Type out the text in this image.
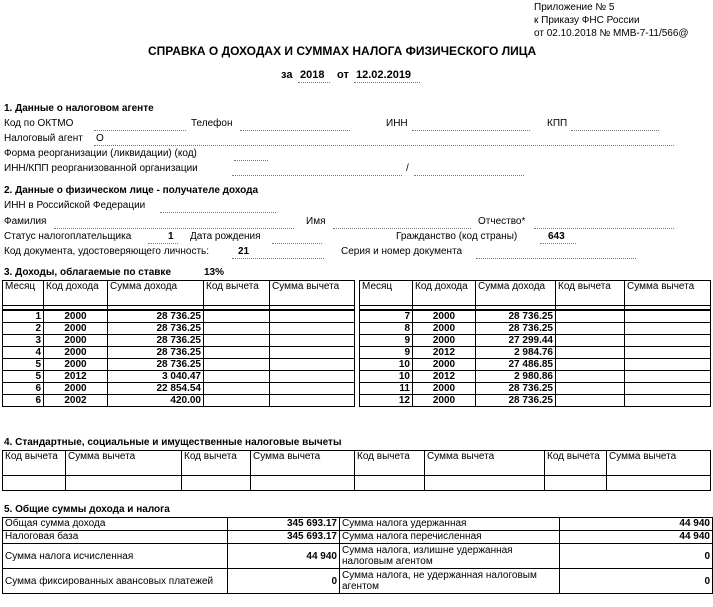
Приложение № 5
к Приказу ФНС России
от 02.10.2018 № ММВ-7-11/566@
СПРАВКА О ДОХОДАХ И СУММАХ НАЛОГА ФИЗИЧЕСКОГО ЛИЦА
за 2018 от 12.02.2019
1. Данные о налоговом агенте
Код по ОКТМО	Телефон	ИНН	КПП
Налоговый агент О
Форма реорганизации (ликвидации) (код)
ИНН/КПП реорганизованной организации	/
2. Данные о физическом лице - получателе дохода
ИНН в Российской Федерации
Фамилия	Имя	Отчество*
Статус налогоплательщика	1 Дата рождения	Гражданство (код страны)	643
Код документа, удостоверяющего личность:	21	Серия и номер документа
3. Доходы, облагаемые по ставке	13%
Месяц	Код дохода	Сумма дохода	Код вычета	Сумма вычета		Месяц	Код дохода	Сумма дохода	Код вычета	Сумма вычета

1	2000	28 736.25				7	2000	28 736.25		
2	2000	28 736.25				8	2000	28 736.25		
3	2000	28 736.25				9	2000	27 299.44		
4	2000	28 736.25				9	2012	2 984.76		
5	2000	28 736.25				10	2000	27 486.85		
5	2012	3 040.47				10	2012	2 980.86		
6	2000	22 854.54				11	2000	28 736.25		
6	2002	420.00				12	2000	28 736.25		
4. Стандартные, социальные и имущественные налоговые вычеты
Код вычета	Сумма вычета	Код вычета	Сумма вычета	Код вычета	Сумма вычета	Код вычета	Сумма вычета

5. Общие суммы дохода и налога
Общая сумма дохода	345 693.17	Сумма налога удержанная	44 940
Налоговая база	345 693.17	Сумма налога перечисленная	44 940
Сумма налога исчисленная	44 940	Сумма налога, излишне удержанная налоговым агентом	0
Сумма фиксированных авансовых платежей	0	Сумма налога, не удержанная налоговым агентом	0
